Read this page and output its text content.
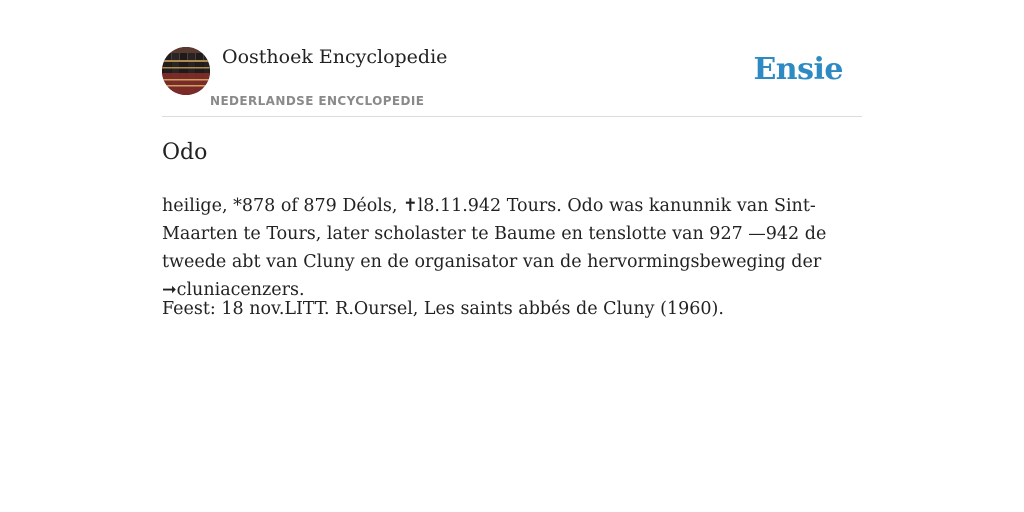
Oosthoek Encyclopedie
NEDERLANDSE ENCYCLOPEDIE
Ensie
Odo

heilige, *878 of 879 Déols, ✝l8.11.942 Tours. Odo was kanunnik van Sint-Maarten te Tours, later scholaster te Baume en tenslotte van 927 —942 de tweede abt van Cluny en de organisator van de hervormingsbeweging der ➞cluniacenzers.

Feest: 18 nov.LITT. R.Oursel, Les saints abbés de Cluny (1960).
